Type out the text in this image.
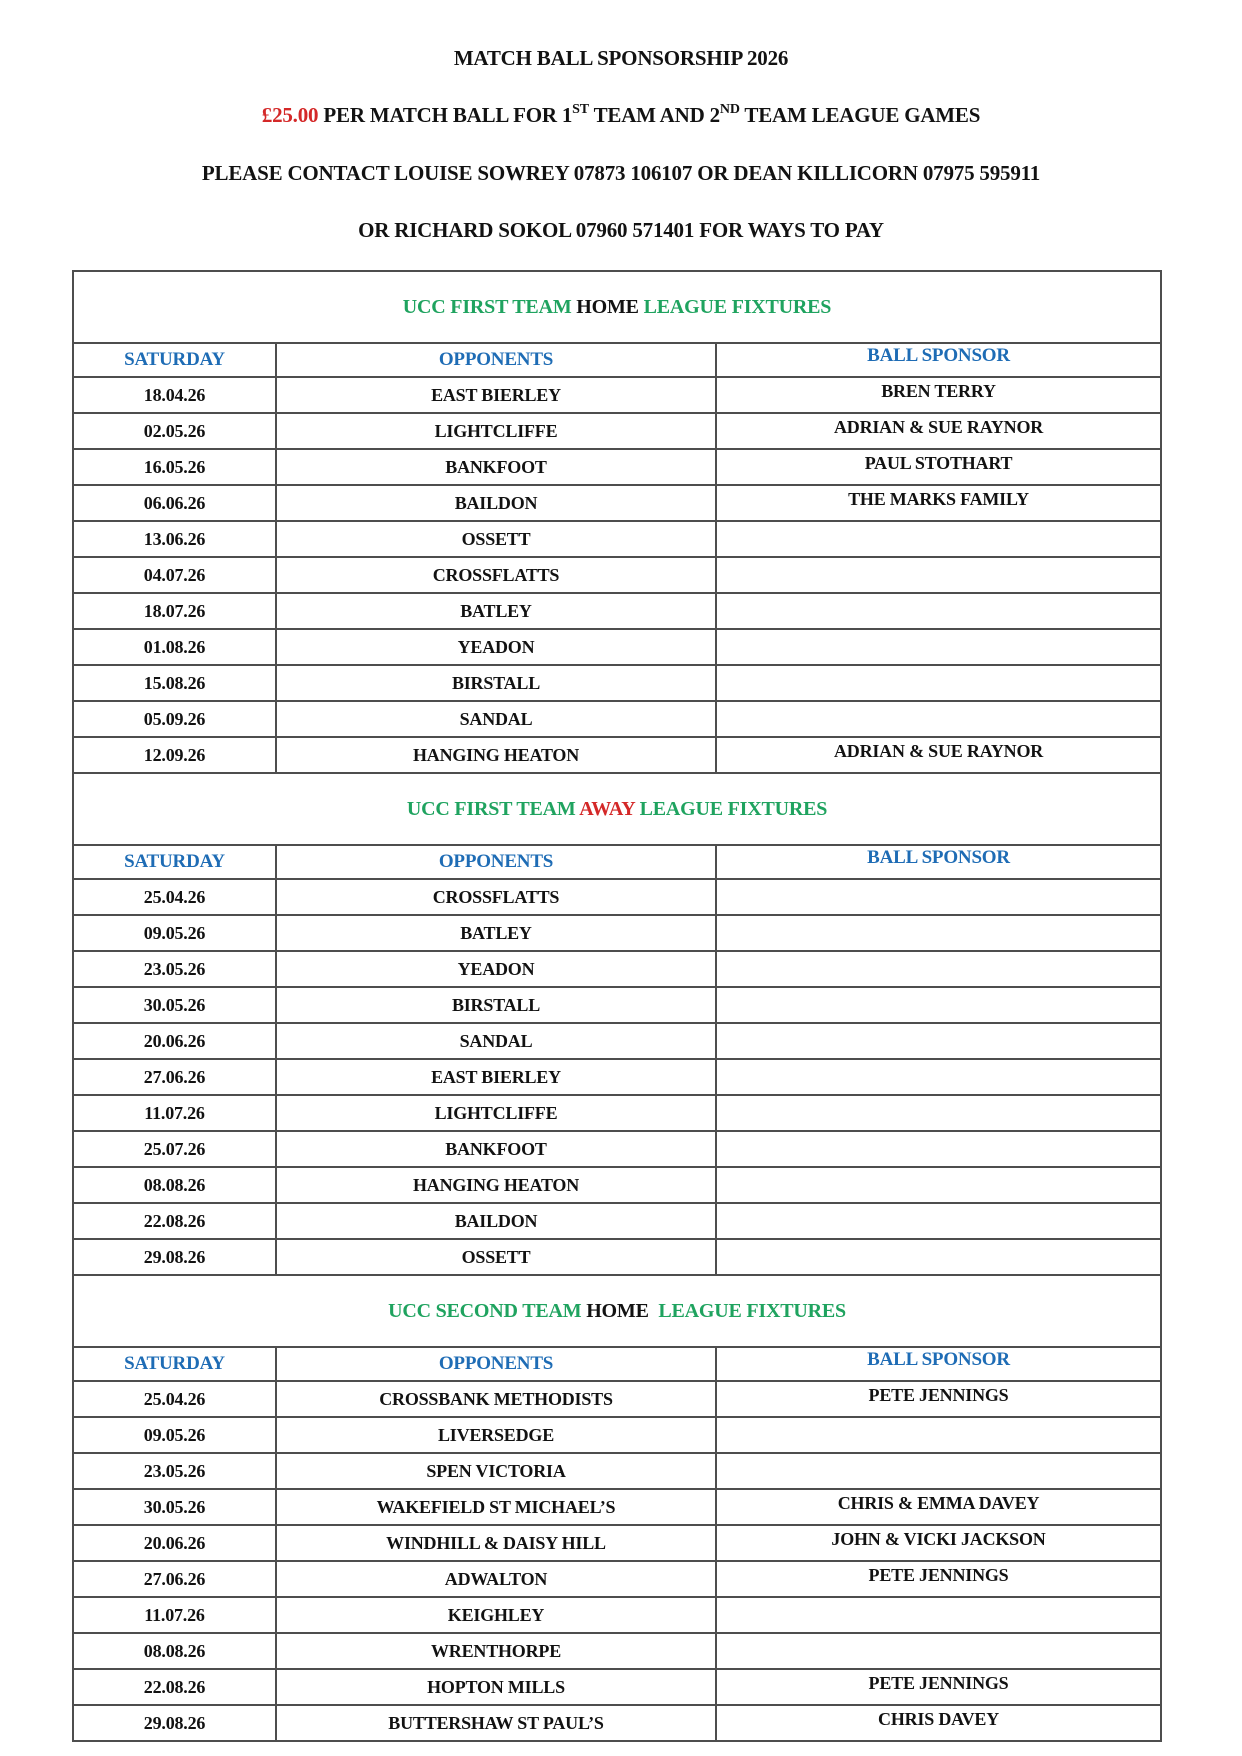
MATCH BALL SPONSORSHIP 2026

£25.00 PER MATCH BALL FOR 1ST TEAM AND 2ND TEAM LEAGUE GAMES

PLEASE CONTACT LOUISE SOWREY 07873 106107 OR DEAN KILLICORN 07975 595911

OR RICHARD SOKOL 07960 571401 FOR WAYS TO PAY

UCC FIRST TEAM HOME LEAGUE FIXTURES		
SATURDAY	OPPONENTS	BALL SPONSOR
18.04.26	EAST BIERLEY	BREN TERRY
02.05.26	LIGHTCLIFFE	ADRIAN & SUE RAYNOR
16.05.26	BANKFOOT	PAUL STOTHART
06.06.26	BAILDON	THE MARKS FAMILY
13.06.26	OSSETT	
04.07.26	CROSSFLATTS	
18.07.26	BATLEY	
01.08.26	YEADON	
15.08.26	BIRSTALL	
05.09.26	SANDAL	
12.09.26	HANGING HEATON	ADRIAN & SUE RAYNOR
UCC FIRST TEAM AWAY LEAGUE FIXTURES		
SATURDAY	OPPONENTS	BALL SPONSOR
25.04.26	CROSSFLATTS	
09.05.26	BATLEY	
23.05.26	YEADON	
30.05.26	BIRSTALL	
20.06.26	SANDAL	
27.06.26	EAST BIERLEY	
11.07.26	LIGHTCLIFFE	
25.07.26	BANKFOOT	
08.08.26	HANGING HEATON	
22.08.26	BAILDON	
29.08.26	OSSETT	
UCC SECOND TEAM HOME  LEAGUE FIXTURES		
SATURDAY	OPPONENTS	BALL SPONSOR
25.04.26	CROSSBANK METHODISTS	PETE JENNINGS
09.05.26	LIVERSEDGE	
23.05.26	SPEN VICTORIA	
30.05.26	WAKEFIELD ST MICHAEL’S	CHRIS & EMMA DAVEY
20.06.26	WINDHILL & DAISY HILL	JOHN & VICKI JACKSON
27.06.26	ADWALTON	PETE JENNINGS
11.07.26	KEIGHLEY	
08.08.26	WRENTHORPE	
22.08.26	HOPTON MILLS	PETE JENNINGS
29.08.26	BUTTERSHAW ST PAUL’S	CHRIS DAVEY
